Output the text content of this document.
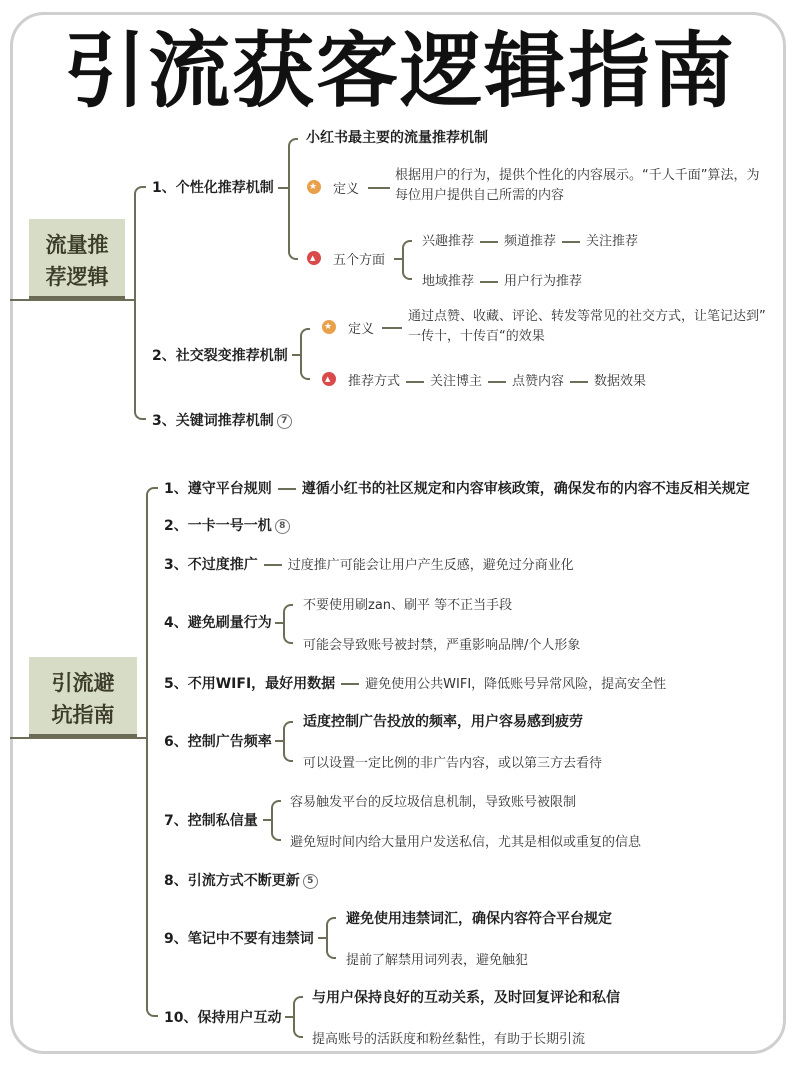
引流获客逻辑指南
流量推
荐逻辑
1、个性化推荐机制
小红书最主要的流量推荐机制
★
定义
根据用户的行为，提供个性化的内容展示。“千人千面”算法，为
每位用户提供自己所需的内容
▲
五个方面
兴趣推荐 频道推荐 关注推荐
地域推荐 用户行为推荐
2、社交裂变推荐机制
★
定义
通过点赞、收藏、评论、转发等常见的社交方式，让笔记达到”
一传十，十传百“的效果
▲
推荐方式 关注博主 点赞内容 数据效果
3、关键词推荐机制 7
引流避
坑指南
1、遵守平台规则 遵循小红书的社区规定和内容审核政策，确保发布的内容不违反相关规定
2、一卡一号一机 8
3、不过度推广 过度推广可能会让用户产生反感，避免过分商业化
4、避免刷量行为
不要使用刷zan、刷平 等不正当手段
可能会导致账号被封禁，严重影响品牌/个人形象
5、不用WIFI，最好用数据 避免使用公共WIFI，降低账号异常风险，提高安全性
6、控制广告频率
适度控制广告投放的频率，用户容易感到疲劳
可以设置一定比例的非广告内容，或以第三方去看待
7、控制私信量
容易触发平台的反垃圾信息机制，导致账号被限制
避免短时间内给大量用户发送私信，尤其是相似或重复的信息
8、引流方式不断更新 5
9、笔记中不要有违禁词
避免使用违禁词汇，确保内容符合平台规定
提前了解禁用词列表，避免触犯
10、保持用户互动
与用户保持良好的互动关系，及时回复评论和私信
提高账号的活跃度和粉丝黏性，有助于长期引流
